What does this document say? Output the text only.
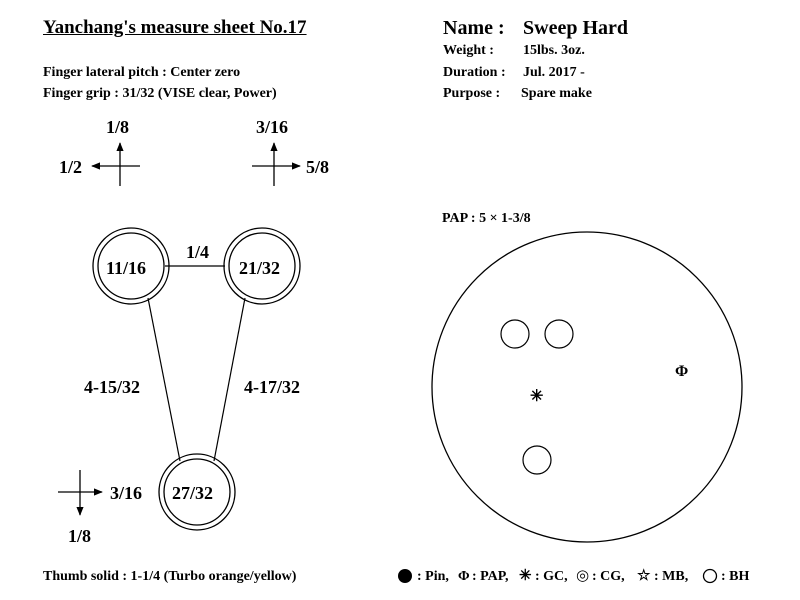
Yanchang's measure sheet No.17
Finger lateral pitch : Center zero
Finger grip : 31/32 (VISE clear, Power)
Name : Sweep Hard
Weight : 15lbs. 3oz.
Duration : Jul. 2017 -
Purpose : Spare make
1/8
1/2
3/16
5/8
3/16
1/8
11/16	21/32
27/32
1/4
4-15/32	4-17/32
PAP : 5 × 1-3/8
Φ
✳
Thumb solid : 1-1/4 (Turbo orange/yellow)	: Pin, Φ : PAP, ✳ : GC, ◎ : CG, ☆ : MB, : BH
